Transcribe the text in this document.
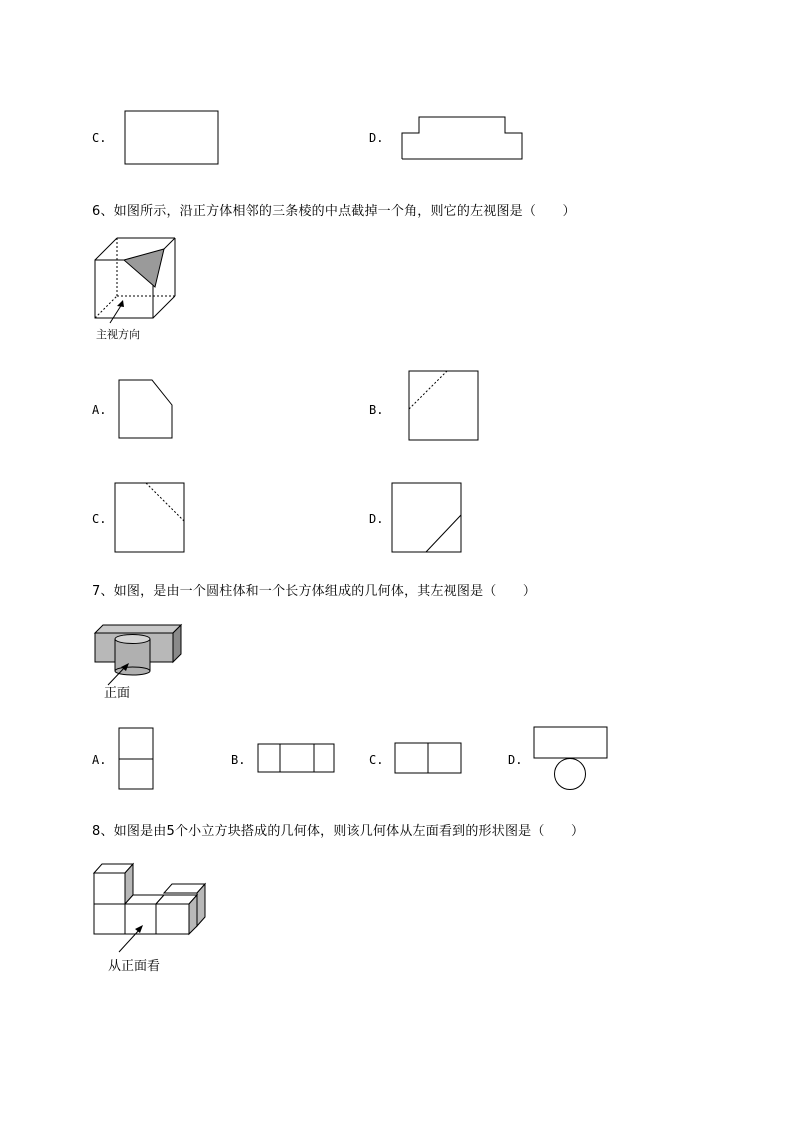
C.	D.
6、如图所示，沿正方体相邻的三条棱的中点截掉一个角，则它的左视图是（　　）
主视方向
A.	B.
C.	D.
7、如图，是由一个圆柱体和一个长方体组成的几何体，其左视图是（　　）
正面
A.	B.	C.	D.
8、如图是由5个小立方块搭成的几何体，则该几何体从左面看到的形状图是（　　）
从正面看
